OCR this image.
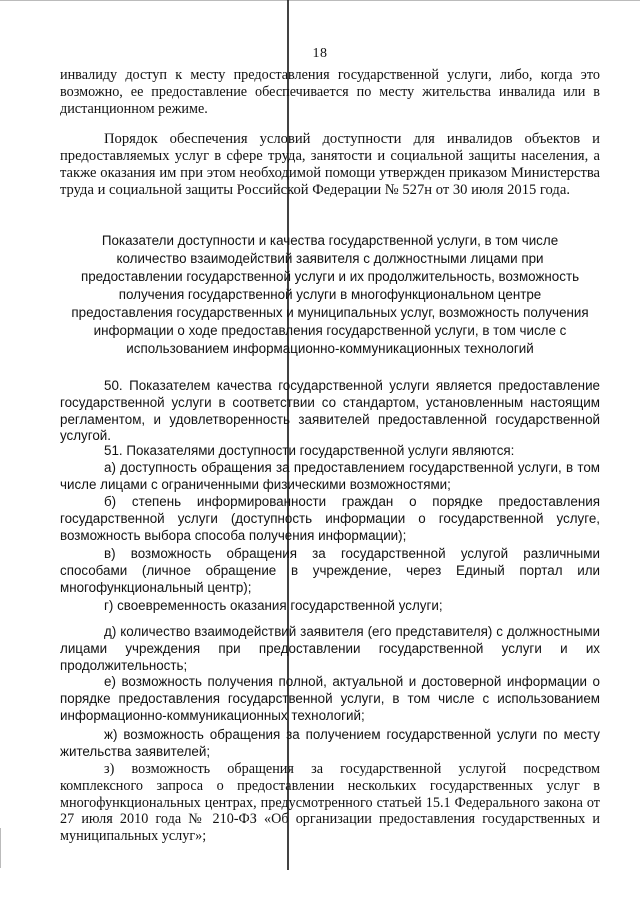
18
инвалиду доступ к месту предоставления государственной услуги, либо, когда это возможно, ее предоставление обеспечивается по месту жительства инвалида или в дистанционном режиме.
Порядок обеспечения условий доступности для инвалидов объектов и предоставляемых услуг в сфере труда, занятости и социальной защиты населения, а также оказания им при этом необходимой помощи утвержден приказом Министерства труда и социальной защиты Российской Федерации № 527н от 30 июля 2015 года.
Показатели доступности и качества государственной услуги, в том числе количество взаимодействий заявителя с должностными лицами при предоставлении государственной услуги и их продолжительность, возможность получения государственной услуги в многофункциональном центре предоставления государственных и муниципальных услуг, возможность получения информации о ходе предоставления государственной услуги, в том числе с использованием информационно-коммуникационных технологий
50. Показателем качества государственной услуги является предоставление государственной услуги в соответствии со стандартом, установленным настоящим регламентом, и удовлетворенность заявителей предоставленной государственной услугой.
51. Показателями доступности государственной услуги являются:
а) доступность обращения за предоставлением государственной услуги, в том числе лицами с ограниченными физическими возможностями;
б) степень информированности граждан о порядке предоставления государственной услуги (доступность информации о государственной услуге, возможность выбора способа получения информации);
в) возможность обращения за государственной услугой различными способами (личное обращение в учреждение, через Единый портал или многофункциональный центр);
г) своевременность оказания государственной услуги;
д) количество взаимодействий заявителя (его представителя) с должностными лицами учреждения при предоставлении государственной услуги и их продолжительность;
е) возможность получения полной, актуальной и достоверной информации о порядке предоставления государственной услуги, в том числе с использованием информационно-коммуникационных технологий;
ж) возможность обращения за получением государственной услуги по месту жительства заявителей;
з) возможность обращения за государственной услугой посредством комплексного запроса о предоставлении нескольких государственных услуг в многофункциональных центрах, предусмотренного статьей 15.1 Федерального закона от 27 июля 2010 года № 210-ФЗ «Об организации предоставления государственных и муниципальных услуг»;
